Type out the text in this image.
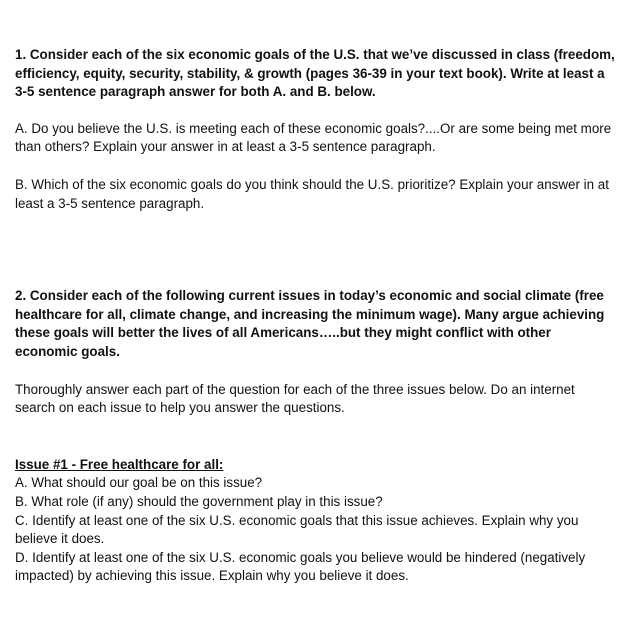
1. Consider each of the six economic goals of the U.S. that we’ve discussed in class (freedom, efficiency, equity, security, stability, & growth (pages 36-39 in your text book). Write at least a 3-5 sentence paragraph answer for both A. and B. below.

A. Do you believe the U.S. is meeting each of these economic goals?....Or are some being met more than others? Explain your answer in at least a 3-5 sentence paragraph.

B. Which of the six economic goals do you think should the U.S. prioritize? Explain your answer in at least a 3-5 sentence paragraph.

2. Consider each of the following current issues in today’s economic and social climate (free healthcare for all, climate change, and increasing the minimum wage). Many argue achieving these goals will better the lives of all Americans…..but they might conflict with other economic goals.

Thoroughly answer each part of the question for each of the three issues below. Do an internet search on each issue to help you answer the questions.

Issue #1 - Free healthcare for all:

A. What should our goal be on this issue?

B. What role (if any) should the government play in this issue?

C. Identify at least one of the six U.S. economic goals that this issue achieves. Explain why you believe it does.

D. Identify at least one of the six U.S. economic goals you believe would be hindered (negatively impacted) by achieving this issue. Explain why you believe it does.
